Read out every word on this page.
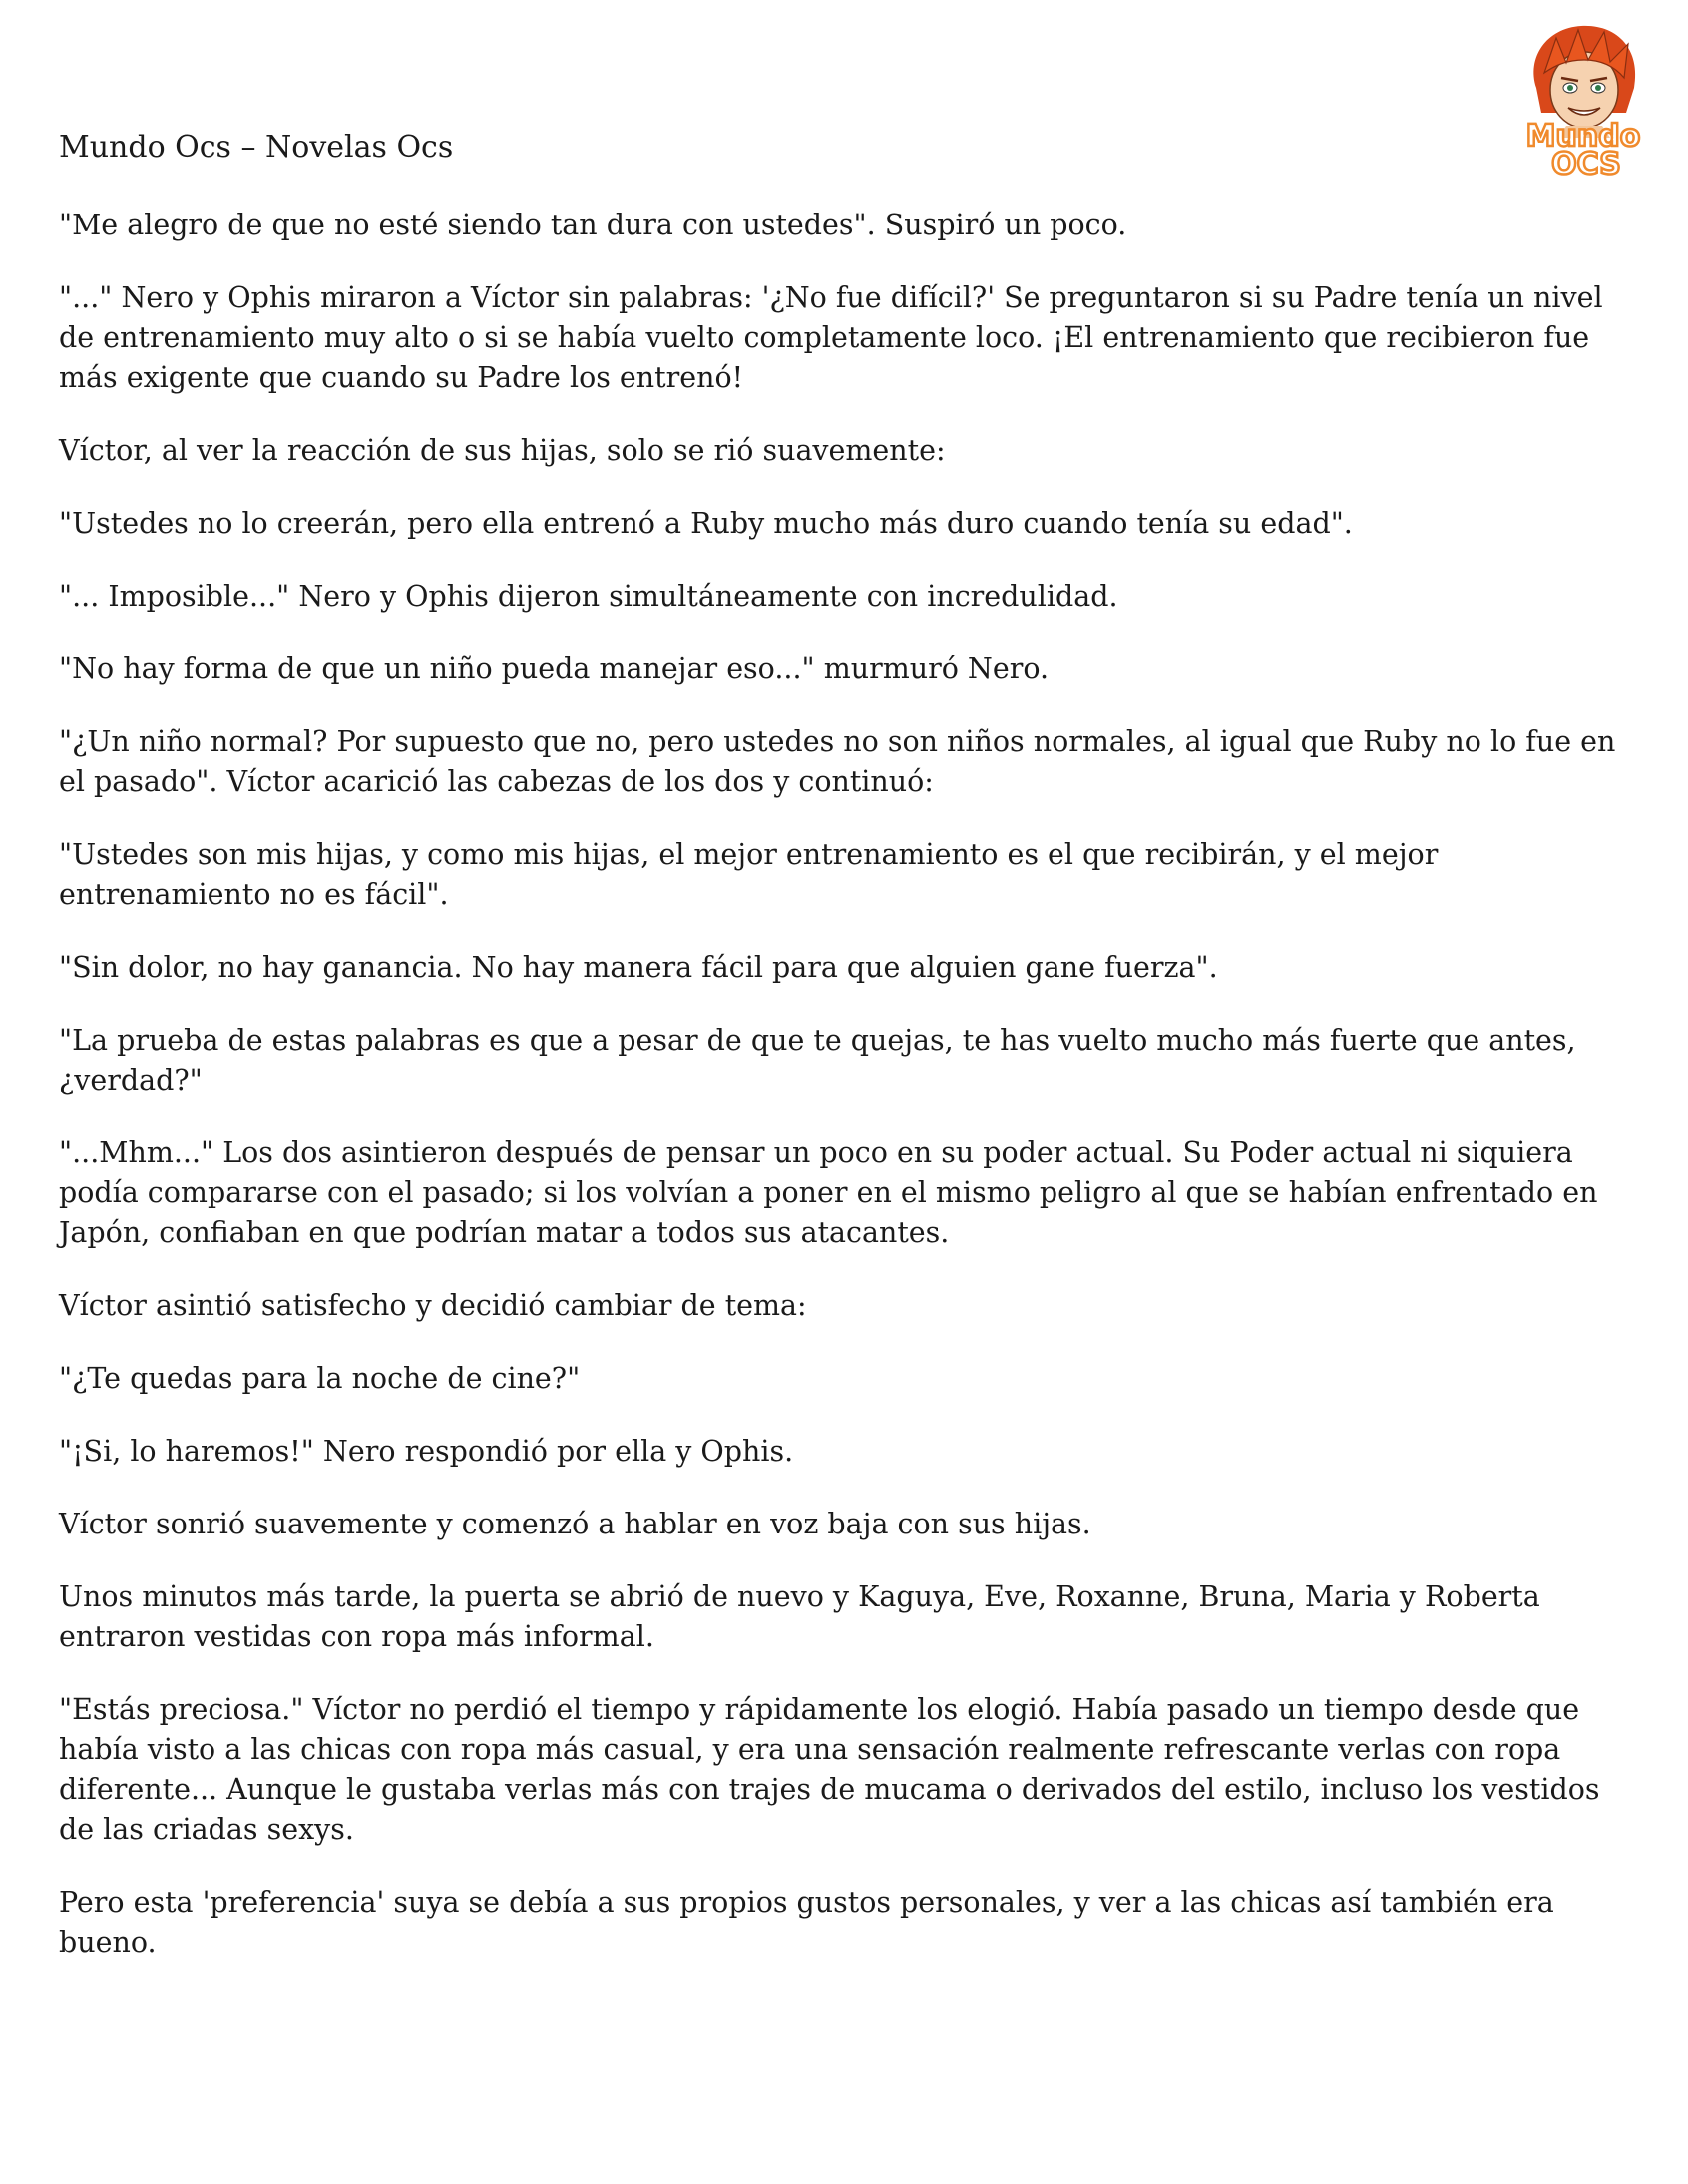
Mundo Ocs – Novelas Ocs	Mundo
OCS

"Me alegro de que no esté siendo tan dura con ustedes". Suspiró un poco.

"..." Nero y Ophis miraron a Víctor sin palabras: '¿No fue difícil?' Se preguntaron si su Padre tenía un nivel de entrenamiento muy alto o si se había vuelto completamente loco. ¡El entrenamiento que recibieron fue más exigente que cuando su Padre los entrenó!

Víctor, al ver la reacción de sus hijas, solo se rió suavemente:

"Ustedes no lo creerán, pero ella entrenó a Ruby mucho más duro cuando tenía su edad".

"... Imposible..." Nero y Ophis dijeron simultáneamente con incredulidad.

"No hay forma de que un niño pueda manejar eso..." murmuró Nero.

"¿Un niño normal? Por supuesto que no, pero ustedes no son niños normales, al igual que Ruby no lo fue en el pasado". Víctor acarició las cabezas de los dos y continuó:

"Ustedes son mis hijas, y como mis hijas, el mejor entrenamiento es el que recibirán, y el mejor entrenamiento no es fácil".

"Sin dolor, no hay ganancia. No hay manera fácil para que alguien gane fuerza".

"La prueba de estas palabras es que a pesar de que te quejas, te has vuelto mucho más fuerte que antes, ¿verdad?"

"...Mhm..." Los dos asintieron después de pensar un poco en su poder actual. Su Poder actual ni siquiera podía compararse con el pasado; si los volvían a poner en el mismo peligro al que se habían enfrentado en Japón, confiaban en que podrían matar a todos sus atacantes.

Víctor asintió satisfecho y decidió cambiar de tema:

"¿Te quedas para la noche de cine?"

"¡Si, lo haremos!" Nero respondió por ella y Ophis.

Víctor sonrió suavemente y comenzó a hablar en voz baja con sus hijas.

Unos minutos más tarde, la puerta se abrió de nuevo y Kaguya, Eve, Roxanne, Bruna, Maria y Roberta entraron vestidas con ropa más informal.

"Estás preciosa." Víctor no perdió el tiempo y rápidamente los elogió. Había pasado un tiempo desde que había visto a las chicas con ropa más casual, y era una sensación realmente refrescante verlas con ropa diferente... Aunque le gustaba verlas más con trajes de mucama o derivados del estilo, incluso los vestidos de las criadas sexys.

Pero esta 'preferencia' suya se debía a sus propios gustos personales, y ver a las chicas así también era bueno.
